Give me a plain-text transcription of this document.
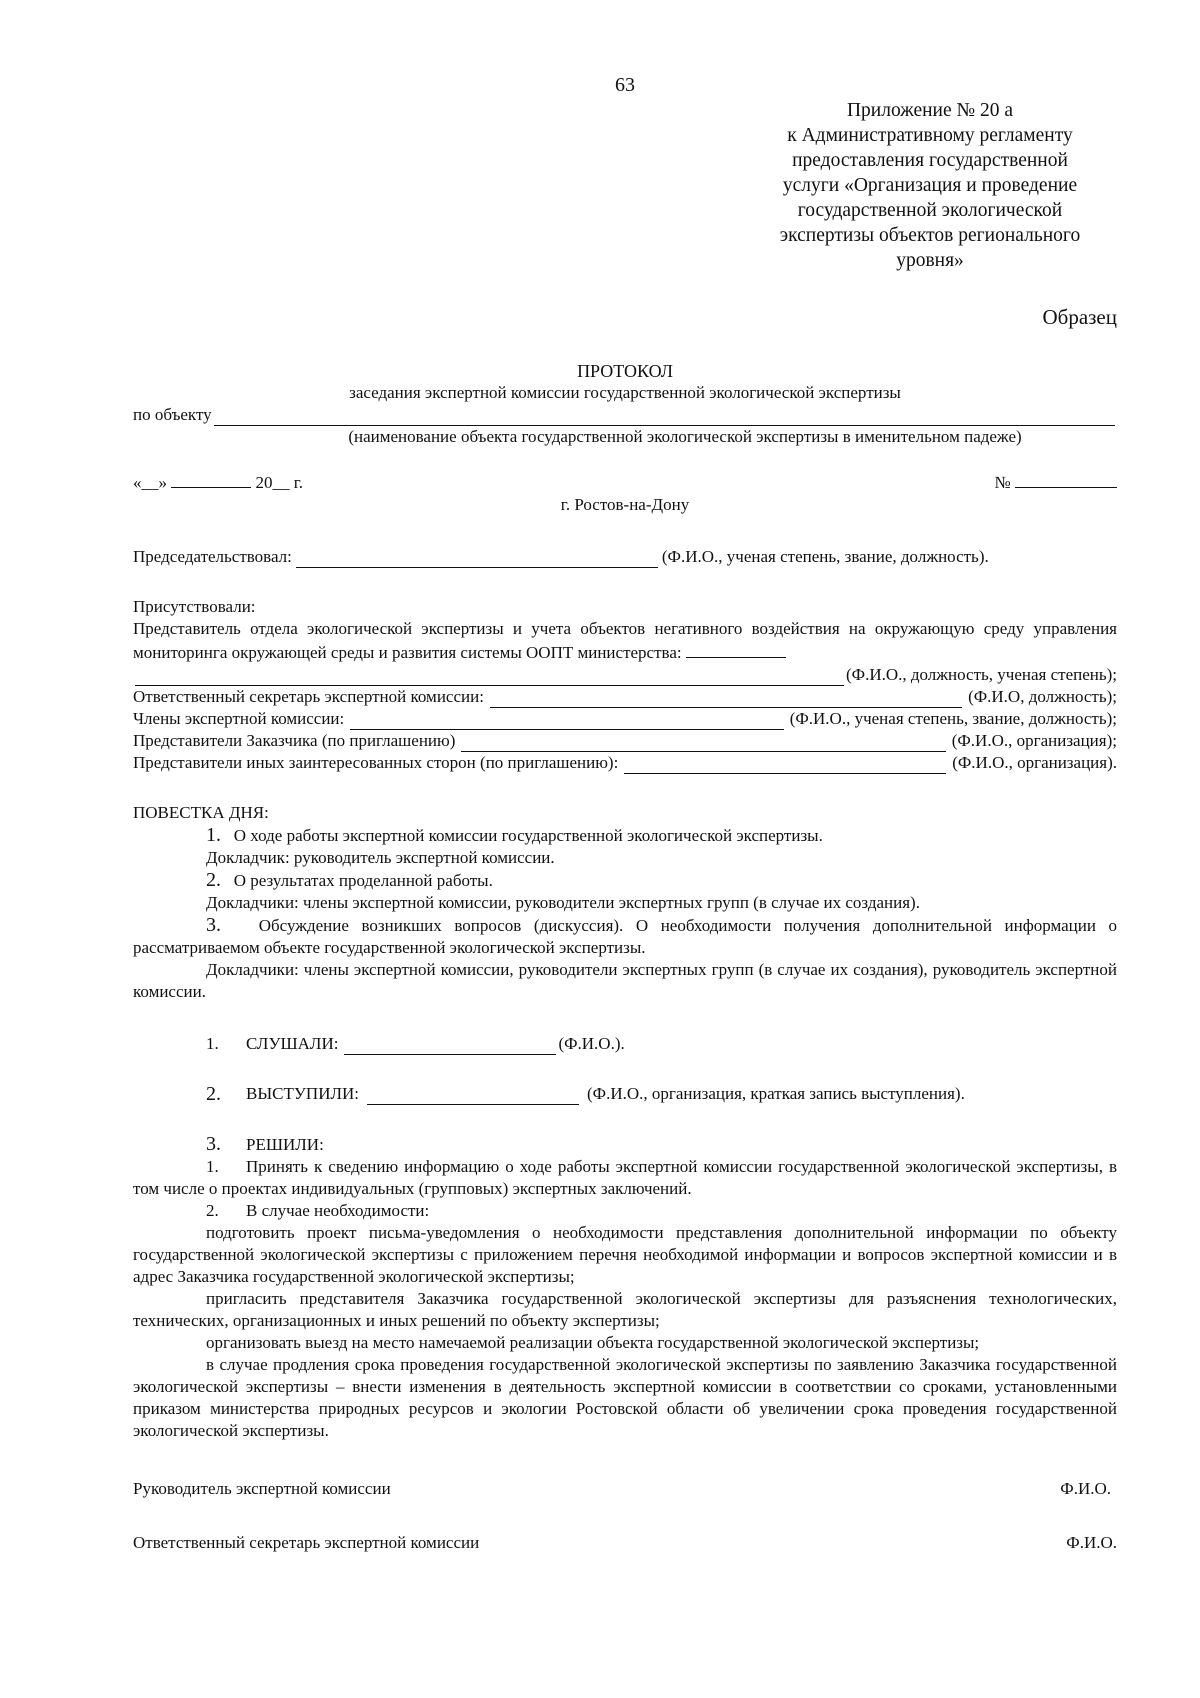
63
Приложение № 20 а
к Административному регламенту
предоставления государственной
услуги «Организация и проведение
государственной экологической
экспертизы объектов регионального
уровня»
Образец
ПРОТОКОЛ
заседания экспертной комиссии государственной экологической экспертизы
по объекту
(наименование объекта государственной экологической экспертизы в именительном падеже)
«__»	20__ г.	№
г. Ростов-на-Дону
Председательствовал:	(Ф.И.О., ученая степень, звание, должность).
Присутствовали:
Представитель отдела экологической экспертизы и учета объектов негативного воздействия на окружающую среду управления мониторинга окружающей среды и развития системы ООПТ министерства:
(Ф.И.О., должность, ученая степень);
Ответственный секретарь экспертной комиссии:	(Ф.И.О, должность);
Члены экспертной комиссии:	(Ф.И.О., ученая степень, звание, должность);
Представители Заказчика (по приглашению)	(Ф.И.О., организация);
Представители иных заинтересованных сторон (по приглашению):	(Ф.И.О., организация).
ПОВЕСТКА ДНЯ:
1. О ходе работы экспертной комиссии государственной экологической экспертизы.
Докладчик: руководитель экспертной комиссии.
2. О результатах проделанной работы.
Докладчики: члены экспертной комиссии, руководители экспертных групп (в случае их создания).
3. Обсуждение возникших вопросов (дискуссия). О необходимости получения дополнительной информации о рассматриваемом объекте государственной экологической экспертизы.
Докладчики: члены экспертной комиссии, руководители экспертных групп (в случае их создания), руководитель экспертной комиссии.
1.	СЛУШАЛИ:	(Ф.И.О.).
2.	ВЫСТУПИЛИ:	(Ф.И.О., организация, краткая запись выступления).
3. РЕШИЛИ:
1. Принять к сведению информацию о ходе работы экспертной комиссии государственной экологической экспертизы, в том числе о проектах индивидуальных (групповых) экспертных заключений.
2. В случае необходимости:
подготовить проект письма-уведомления о необходимости представления дополнительной информации по объекту государственной экологической экспертизы с приложением перечня необходимой информации и вопросов экспертной комиссии и в адрес Заказчика государственной экологической экспертизы;
пригласить представителя Заказчика государственной экологической экспертизы для разъяснения технологических, технических, организационных и иных решений по объекту экспертизы;
организовать выезд на место намечаемой реализации объекта государственной экологической экспертизы;
в случае продления срока проведения государственной экологической экспертизы по заявлению Заказчика государственной экологической экспертизы – внести изменения в деятельность экспертной комиссии в соответствии со сроками, установленными приказом министерства природных ресурсов и экологии Ростовской области об увеличении срока проведения государственной экологической экспертизы.
Руководитель экспертной комиссии	Ф.И.О.
Ответственный секретарь экспертной комиссии	Ф.И.О.
